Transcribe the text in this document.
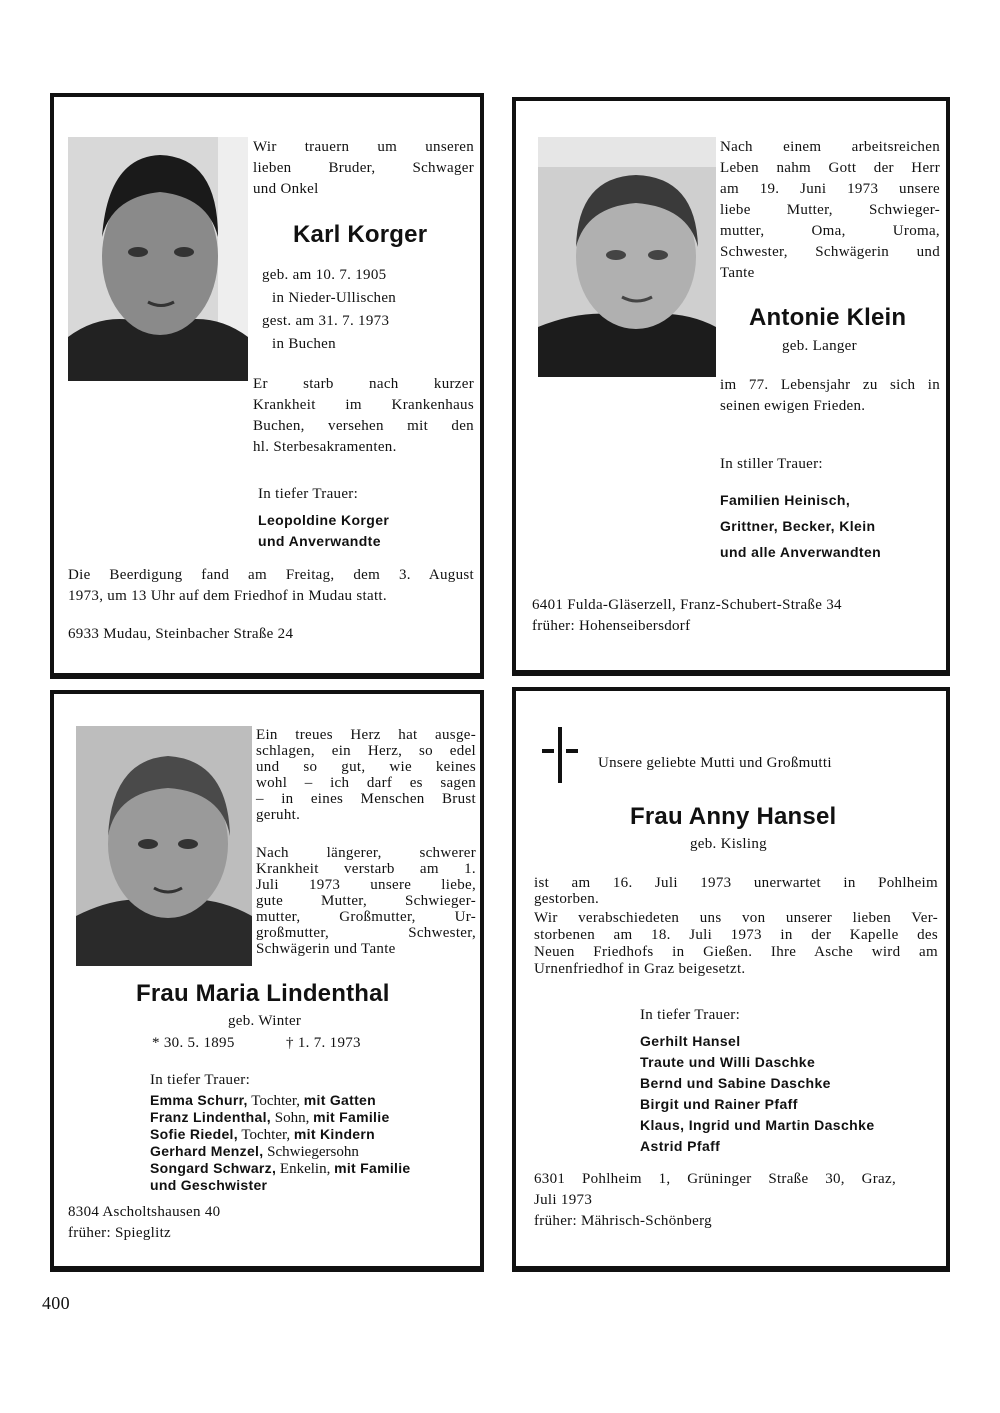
Wir trauern um unseren
lieben Bruder, Schwager
und Onkel
Karl Korger
geb. am 10. 7. 1905
in Nieder-Ullischen
gest. am 31. 7. 1973
in Buchen
Er starb nach kurzer
Krankheit im Krankenhaus
Buchen, versehen mit den
hl. Sterbesakramenten.
In tiefer Trauer:
Leopoldine Korger
und Anverwandte
Die Beerdigung fand am Freitag, dem 3. August
1973, um 13 Uhr auf dem Friedhof in Mudau statt.
6933 Mudau, Steinbacher Straße 24
Nach einem arbeitsreichen
Leben nahm Gott der Herr
am 19. Juni 1973 unsere
liebe Mutter, Schwieger-
mutter, Oma, Uroma,
Schwester, Schwägerin und
Tante
Antonie Klein
geb. Langer
im 77. Lebensjahr zu sich in
seinen ewigen Frieden.
In stiller Trauer:
Familien Heinisch,
Grittner, Becker, Klein
und alle Anverwandten
6401 Fulda-Gläserzell, Franz-Schubert-Straße 34
früher: Hohenseibersdorf
Ein treues Herz hat ausge-
schlagen, ein Herz, so edel
und so gut, wie keines
wohl – ich darf es sagen
– in eines Menschen Brust
geruht.
Nach längerer, schwerer
Krankheit verstarb am 1.
Juli 1973 unsere liebe,
gute Mutter, Schwieger-
mutter, Großmutter, Ur-
großmutter, Schwester,
Schwägerin und Tante
Frau Maria Lindenthal
geb. Winter
* 30. 5. 1895	† 1. 7. 1973
In tiefer Trauer:
Emma Schurr, Tochter, mit Gatten
Franz Lindenthal, Sohn, mit Familie
Sofie Riedel, Tochter, mit Kindern
Gerhard Menzel, Schwiegersohn
Songard Schwarz, Enkelin, mit Familie
und Geschwister
8304 Ascholtshausen 40
früher: Spieglitz
Unsere geliebte Mutti und Großmutti
Frau Anny Hansel
geb. Kisling
ist am 16. Juli 1973 unerwartet in Pohlheim
gestorben.
Wir verabschiedeten uns von unserer lieben Ver-
storbenen am 18. Juli 1973 in der Kapelle des
Neuen Friedhofs in Gießen. Ihre Asche wird am
Urnenfriedhof in Graz beigesetzt.
In tiefer Trauer:
Gerhilt Hansel
Traute und Willi Daschke
Bernd und Sabine Daschke
Birgit und Rainer Pfaff
Klaus, Ingrid und Martin Daschke
Astrid Pfaff
6301 Pohlheim 1, Grüninger Straße 30, Graz,
Juli 1973
früher: Mährisch-Schönberg
400
